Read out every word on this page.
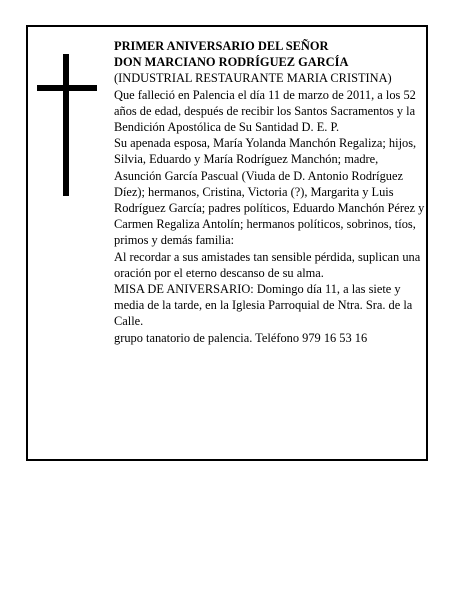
PRIMER ANIVERSARIO DEL SEÑOR

DON MARCIANO RODRÍGUEZ GARCÍA

(INDUSTRIAL RESTAURANTE MARIA CRISTINA)

Que falleció en Palencia el día 11 de marzo de 2011, a los 52 años de edad, después de recibir los Santos Sacramentos y la Bendición Apostólica de Su Santidad D. E. P.

Su apenada esposa, María Yolanda Manchón Regaliza; hijos, Silvia, Eduardo y María Rodríguez Manchón; madre, Asunción García Pascual (Viuda de D. Antonio Rodríguez Díez); hermanos, Cristina, Victoria (?), Margarita y Luis Rodríguez García; padres políticos, Eduardo Manchón Pérez y Carmen Regaliza Antolín; hermanos políticos, sobrinos, tíos, primos y demás familia:

Al recordar a sus amistades tan sensible pérdida, suplican una oración por el eterno descanso de su alma.

MISA DE ANIVERSARIO: Domingo día 11, a las siete y media de la tarde, en la Iglesia Parroquial de Ntra. Sra. de la Calle.

grupo tanatorio de palencia. Teléfono 979 16 53 16
